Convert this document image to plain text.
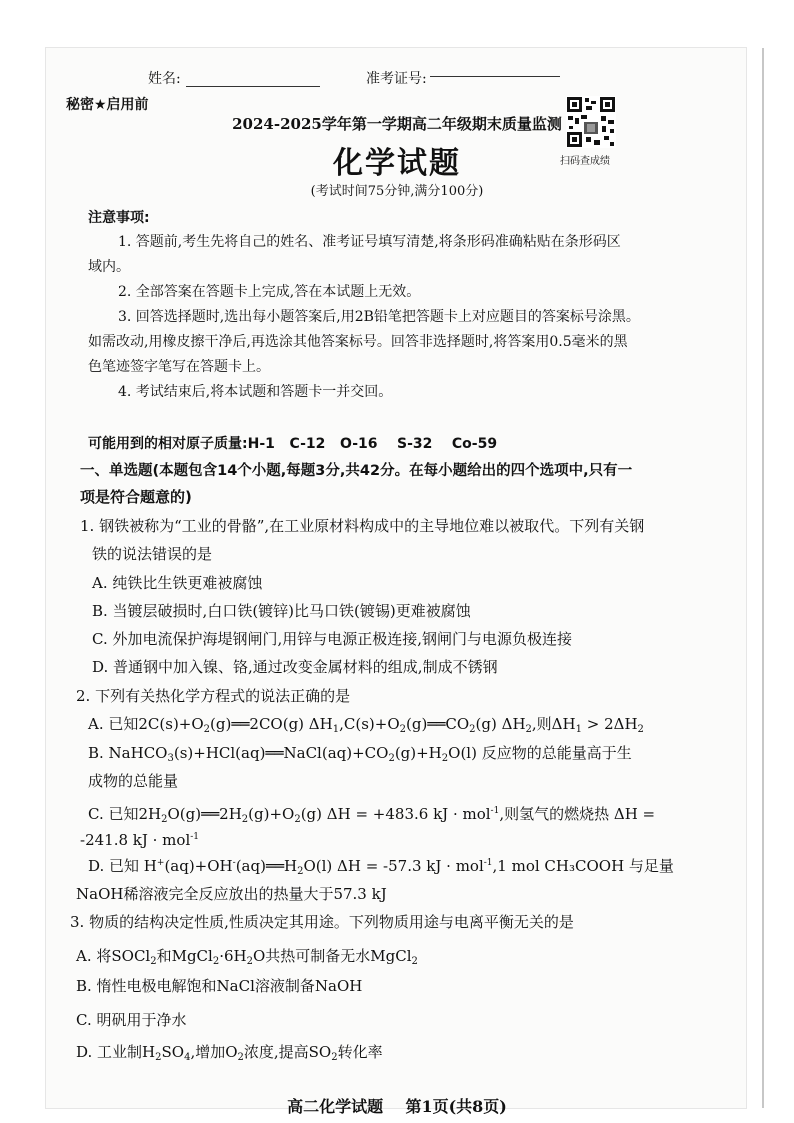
姓名:	准考证号:
秘密★启用前
扫码查成绩
2024-2025学年第一学期高二年级期末质量监测
化学试题
(考试时间75分钟,满分100分)
注意事项:
1. 答题前,考生先将自己的姓名、准考证号填写清楚,将条形码准确粘贴在条形码区
域内。
2. 全部答案在答题卡上完成,答在本试题上无效。
3. 回答选择题时,选出每小题答案后,用2B铅笔把答题卡上对应题目的答案标号涂黑。
如需改动,用橡皮擦干净后,再选涂其他答案标号。回答非选择题时,将答案用0.5毫米的黑
色笔迹签字笔写在答题卡上。
4. 考试结束后,将本试题和答题卡一并交回。
可能用到的相对原子质量:H-1 C-12 O-16 S-32 Co-59
一、单选题(本题包含14个小题,每题3分,共42分。在每小题给出的四个选项中,只有一
项是符合题意的)
1. 钢铁被称为“工业的骨骼”,在工业原材料构成中的主导地位难以被取代。下列有关钢
铁的说法错误的是
A. 纯铁比生铁更难被腐蚀
B. 当镀层破损时,白口铁(镀锌)比马口铁(镀锡)更难被腐蚀
C. 外加电流保护海堤钢闸门,用锌与电源正极连接,钢闸门与电源负极连接
D. 普通钢中加入镍、铬,通过改变金属材料的组成,制成不锈钢
2. 下列有关热化学方程式的说法正确的是
A. 已知$2C(s)+O_2(g)══2CO(g)$ $\Delta H_1,C(s)+O_2(g)══CO_2(g)$ $\Delta H_2$,则$\Delta H_1 > 2\Delta H_2$
B. $NaHCO_3(s)+HCl(aq)══NaCl(aq)+CO_2(g)+H_2O(l)$ 反应物的总能量高于生
成物的总能量
C. 已知$2H_2O(g)══2H_2(g)+O_2(g) \Delta H = +483.6$ kJ · mol$^{-1}$,则氢气的燃烧热 ΔH =
-241.8 kJ · mol$^{-1}$
D. 已知 $H^+(aq)+OH^-(aq)══H_2O(l) \Delta H = -57.3$ kJ · mol$^{-1}$,1 mol CH₃COOH 与足量
NaOH稀溶液完全反应放出的热量大于57.3 kJ
3. 物质的结构决定性质,性质决定其用途。下列物质用途与电离平衡无关的是
A. 将SOCl$_2$和$MgCl_2\cdot 6H_2O$共热可制备无水MgCl$_2$
B. 惰性电极电解饱和NaCl溶液制备NaOH
C. 明矾用于净水
D. 工业制$H_2SO_4$,增加$O_2$浓度,提高$SO_2$转化率
高二化学试题 第1页(共8页)
